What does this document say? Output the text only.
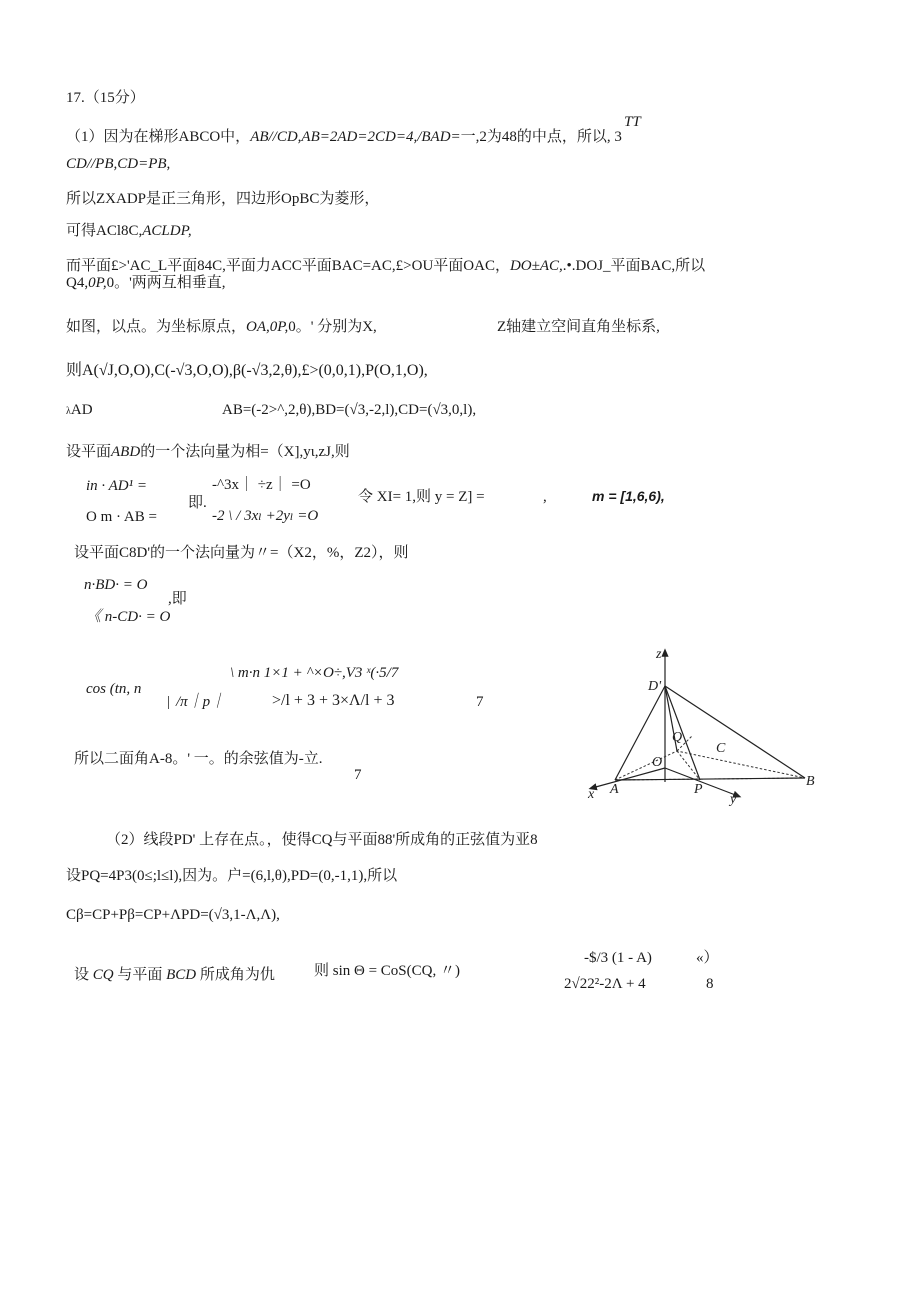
17.（15分）
TT
（1）因为在梯形ABCO中，AB//CD,AB=2AD=2CD=4,/BAD=一,2为48的中点，所以, 3
CD//PB,CD=PB,
所以ZXADP是正三角形，四边形OpBC为菱形，
可得ACl8C,ACLDP,
而平面£>'AC_L平面84C,平面力ACC平面BAC=AC,£>OU平面OAC，DO±AC,.•.DOJ_平面BAC,所以
Q4,0P,0。'两两互相垂直,
如图，以点。为坐标原点，OA,0P,0。' 分别为X,	Z轴建立空间直角坐标系,
则A(√J,O,O),C(-√3,O,O),β(-√3,2,θ),£>(0,0,1),P(O,1,O),
λAD	AB=(-2>^,2,θ),BD=(√3,-2,l),CD=(√3,0,l),
设平面ABD的一个法向量为相=（X],yι,zJ,则
in · AD¹ =
O m · AB =
即.
-^3x｜ ÷z｜ =O
-2 \ / 3xₗ +2yₗ =O
令 XI= 1,则 y = Z] =	,	m = [1,6,6),
设平面C8D'的一个法向量为〃=（X2，%，Z2），则
n·BD· = O
《 n-CD· = O
,即
\ m·n 1×1 + ^×O÷,V3 ˣ(·5/7
cos (tn, n
| /π｜p｜	>/l + 3 + 3×Λ/l + 3	7
所以二面角A-8。' 一。的余弦值为-立.
7
z
D'
Q
C
O
A
x	P
y
B
（2）线段PD' 上存在点。，使得CQ与平面88'所成角的正弦值为亚8
设PQ=4P3(0≤;l≤l),因为。户=(6,l,θ),PD=(0,-1,1),所以
Cβ=CP+Pβ=CP+ΛPD=(√3,1-Λ,Λ),
设 CQ 与平面 BCD 所成角为仇	则 sin Θ = CoS(CQ, 〃)
-$/3 (1 - A)	«）
2√22²-2Λ + 4	8
